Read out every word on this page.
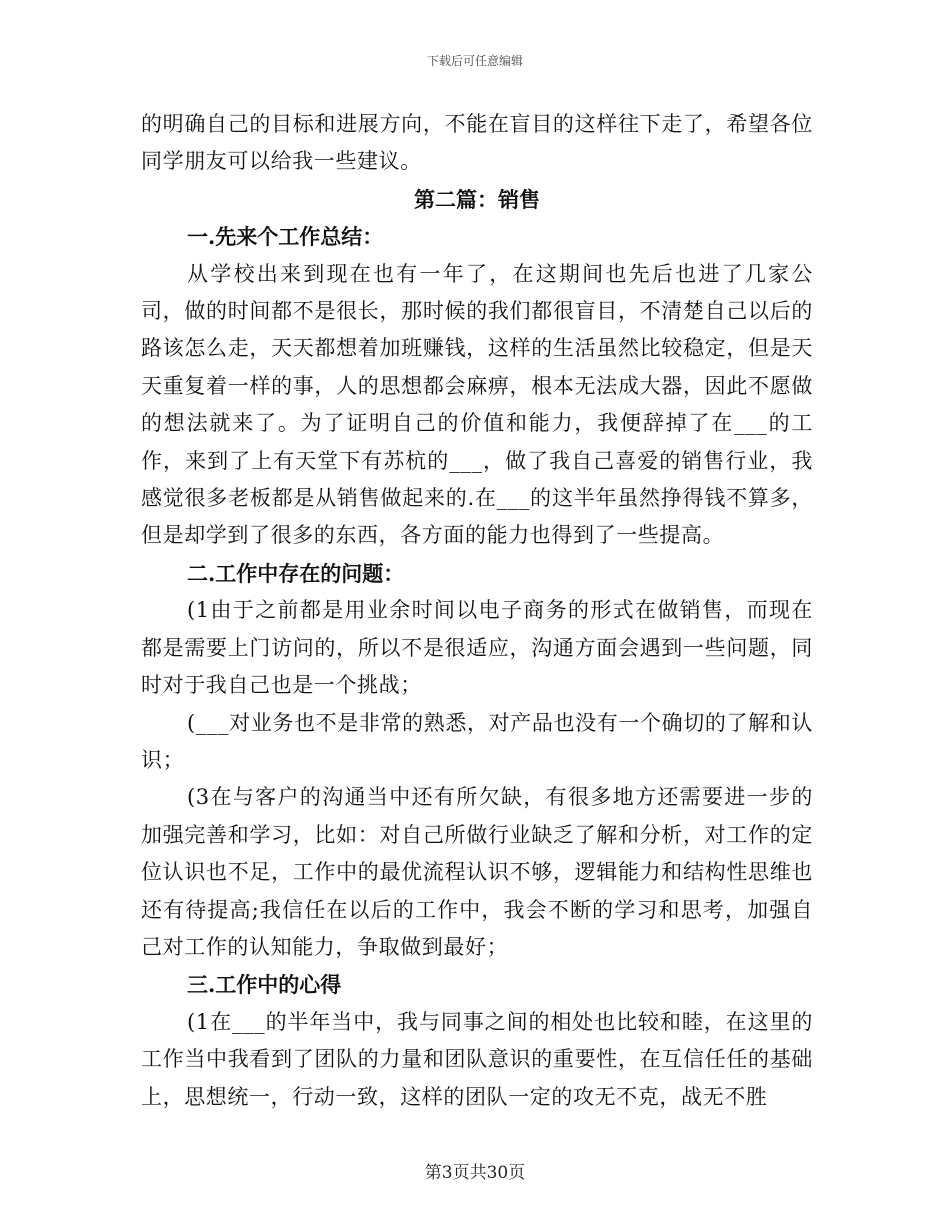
下载后可任意编辑

的明确自己的目标和进展方向，不能在盲目的这样往下走了，希望各位同学朋友可以给我一些建议。

第二篇：销售
一.先来个工作总结：

从学校出来到现在也有一年了，在这期间也先后也进了几家公司，做的时间都不是很长，那时候的我们都很盲目，不清楚自己以后的路该怎么走，天天都想着加班赚钱，这样的生活虽然比较稳定，但是天天重复着一样的事，人的思想都会麻痹，根本无法成大器，因此不愿做的想法就来了。为了证明自己的价值和能力，我便辞掉了在___的工作，来到了上有天堂下有苏杭的___，做了我自己喜爱的销售行业，我感觉很多老板都是从销售做起来的.在___的这半年虽然挣得钱不算多，但是却学到了很多的东西，各方面的能力也得到了一些提高。

二.工作中存在的问题：

(1由于之前都是用业余时间以电子商务的形式在做销售，而现在都是需要上门访问的，所以不是很适应，沟通方面会遇到一些问题，同时对于我自己也是一个挑战；

(___对业务也不是非常的熟悉，对产品也没有一个确切的了解和认识；

(3在与客户的沟通当中还有所欠缺，有很多地方还需要进一步的加强完善和学习，比如：对自己所做行业缺乏了解和分析，对工作的定位认识也不足，工作中的最优流程认识不够，逻辑能力和结构性思维也还有待提高;我信任在以后的工作中，我会不断的学习和思考，加强自己对工作的认知能力，争取做到最好；

三.工作中的心得

(1在___的半年当中，我与同事之间的相处也比较和睦，在这里的工作当中我看到了团队的力量和团队意识的重要性，在互信任任的基础上，思想统一，行动一致，这样的团队一定的攻无不克，战无不胜

第3页共30页
